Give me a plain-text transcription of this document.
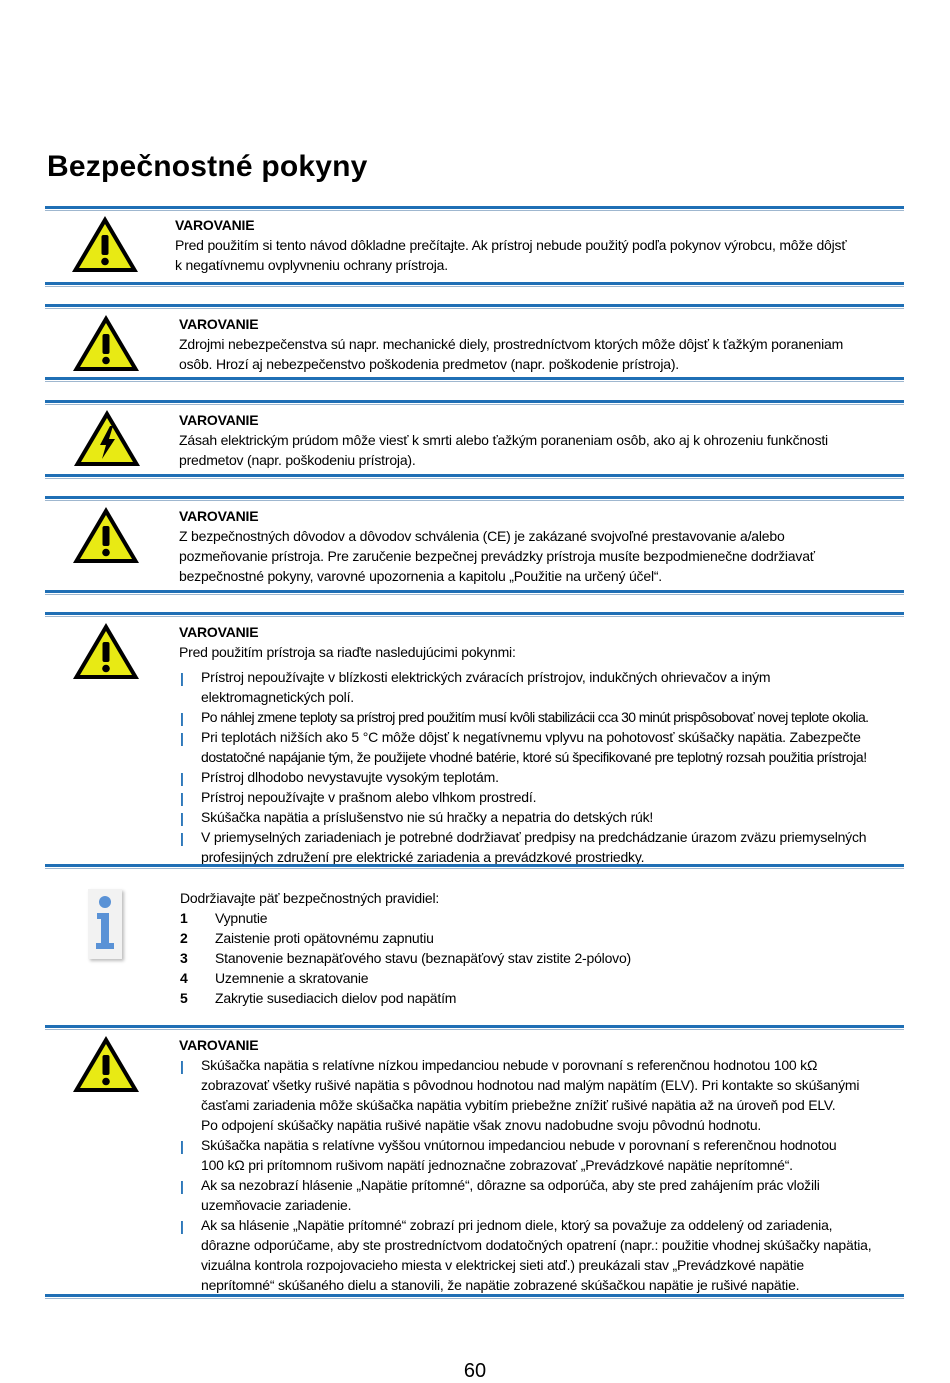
Bezpečnostné pokyny
VAROVANIE
Pred použitím si tento návod dôkladne prečítajte. Ak prístroj nebude použitý podľa pokynov výrobcu, môže dôjsť
k negatívnemu ovplyvneniu ochrany prístroja.
VAROVANIE
Zdrojmi nebezpečenstva sú napr. mechanické diely, prostredníctvom ktorých môže dôjsť k ťažkým poraneniam
osôb. Hrozí aj nebezpečenstvo poškodenia predmetov (napr. poškodenie prístroja).
VAROVANIE
Zásah elektrickým prúdom môže viesť k smrti alebo ťažkým poraneniam osôb, ako aj k ohrozeniu funkčnosti
predmetov (napr. poškodeniu prístroja).
VAROVANIE
Z bezpečnostných dôvodov a dôvodov schválenia (CE) je zakázané svojvoľné prestavovanie a/alebo
pozmeňovanie prístroja. Pre zaručenie bezpečnej prevádzky prístroja musíte bezpodmienečne dodržiavať
bezpečnostné pokyny, varovné upozornenia a kapitolu „Použitie na určený účel“.
VAROVANIE
Pred použitím prístroja sa riaďte nasledujúcimi pokynmi:
| Prístroj nepoužívajte v blízkosti elektrických zváracích prístrojov, indukčných ohrievačov a iným
elektromagnetických polí.
| Po náhlej zmene teploty sa prístroj pred použitím musí kvôli stabilizácii cca 30 minút prispôsobovať novej teplote okolia.
| Pri teplotách nižších ako 5 °C môže dôjsť k negatívnemu vplyvu na pohotovosť skúšačky napätia. Zabezpečte
dostatočné napájanie tým, že použijete vhodné batérie, ktoré sú špecifikované pre teplotný rozsah použitia prístroja!
| Prístroj dlhodobo nevystavujte vysokým teplotám.
| Prístroj nepoužívajte v prašnom alebo vlhkom prostredí.
| Skúšačka napätia a príslušenstvo nie sú hračky a nepatria do detských rúk!
| V priemyselných zariadeniach je potrebné dodržiavať predpisy na predchádzanie úrazom zväzu priemyselných
profesijných združení pre elektrické zariadenia a prevádzkové prostriedky.
Dodržiavajte päť bezpečnostných pravidiel:
1 Vypnutie
2 Zaistenie proti opätovnému zapnutiu
3 Stanovenie beznapäťového stavu (beznapäťový stav zistite 2-pólovo)
4 Uzemnenie a skratovanie
5 Zakrytie susediacich dielov pod napätím
VAROVANIE
| Skúšačka napätia s relatívne nízkou impedanciou nebude v porovnaní s referenčnou hodnotou 100 kΩ
zobrazovať všetky rušivé napätia s pôvodnou hodnotou nad malým napätím (ELV). Pri kontakte so skúšanými
časťami zariadenia môže skúšačka napätia vybitím priebežne znížiť rušivé napätia až na úroveň pod ELV.
Po odpojení skúšačky napätia rušivé napätie však znovu nadobudne svoju pôvodnú hodnotu.
| Skúšačka napätia s relatívne vyššou vnútornou impedanciou nebude v porovnaní s referenčnou hodnotou
100 kΩ pri prítomnom rušivom napätí jednoznačne zobrazovať „Prevádzkové napätie neprítomné“.
| Ak sa nezobrazí hlásenie „Napätie prítomné“, dôrazne sa odporúča, aby ste pred zahájením prác vložili
uzemňovacie zariadenie.
| Ak sa hlásenie „Napätie prítomné“ zobrazí pri jednom diele, ktorý sa považuje za oddelený od zariadenia,
dôrazne odporúčame, aby ste prostredníctvom dodatočných opatrení (napr.: použitie vhodnej skúšačky napätia,
vizuálna kontrola rozpojovacieho miesta v elektrickej sieti atď.) preukázali stav „Prevádzkové napätie
neprítomné“ skúšaného dielu a stanovili, že napätie zobrazené skúšačkou napätie je rušivé napätie.
60
